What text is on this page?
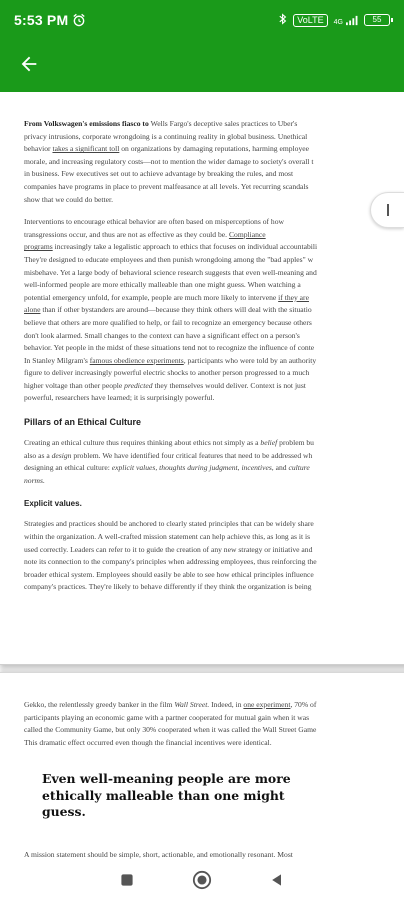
5:53 PM	VoLTE	4G	55

From Volkswagen's emissions fiasco to Wells Fargo's deceptive sales practices to Uber's
privacy intrusions, corporate wrongdoing is a continuing reality in global business. Unethical
behavior takes a significant toll on organizations by damaging reputations, harming employee
morale, and increasing regulatory costs—not to mention the wider damage to society's overall t
in business. Few executives set out to achieve advantage by breaking the rules, and most
companies have programs in place to prevent malfeasance at all levels. Yet recurring scandals
show that we could do better.

Interventions to encourage ethical behavior are often based on misperceptions of how
transgressions occur, and thus are not as effective as they could be. Compliance
programs increasingly take a legalistic approach to ethics that focuses on individual accountabili
They're designed to educate employees and then punish wrongdoing among the "bad apples" w
misbehave. Yet a large body of behavioral science research suggests that even well-meaning and
well-informed people are more ethically malleable than one might guess. When watching a
potential emergency unfold, for example, people are much more likely to intervene if they are
alone than if other bystanders are around—because they think others will deal with the situatio
believe that others are more qualified to help, or fail to recognize an emergency because others
don't look alarmed. Small changes to the context can have a significant effect on a person's
behavior. Yet people in the midst of these situations tend not to recognize the influence of conte
In Stanley Milgram's famous obedience experiments, participants who were told by an authority
figure to deliver increasingly powerful electric shocks to another person progressed to a much
higher voltage than other people predicted they themselves would deliver. Context is not just
powerful, researchers have learned; it is surprisingly powerful.

Pillars of an Ethical Culture

Creating an ethical culture thus requires thinking about ethics not simply as a belief problem bu
also as a design problem. We have identified four critical features that need to be addressed wh
designing an ethical culture: explicit values, thoughts during judgment, incentives, and culture
norms.

Explicit values.

Strategies and practices should be anchored to clearly stated principles that can be widely share
within the organization. A well-crafted mission statement can help achieve this, as long as it is
used correctly. Leaders can refer to it to guide the creation of any new strategy or initiative and
note its connection to the company's principles when addressing employees, thus reinforcing the
broader ethical system. Employees should easily be able to see how ethical principles influence
company's practices. They're likely to behave differently if they think the organization is being

Gekko, the relentlessly greedy banker in the film Wall Street. Indeed, in one experiment, 70% of
participants playing an economic game with a partner cooperated for mutual gain when it was
called the Community Game, but only 30% cooperated when it was called the Wall Street Game
This dramatic effect occurred even though the financial incentives were identical.

Even well-meaning people are more ethically malleable than one might guess.

A mission statement should be simple, short, actionable, and emotionally resonant. Most
